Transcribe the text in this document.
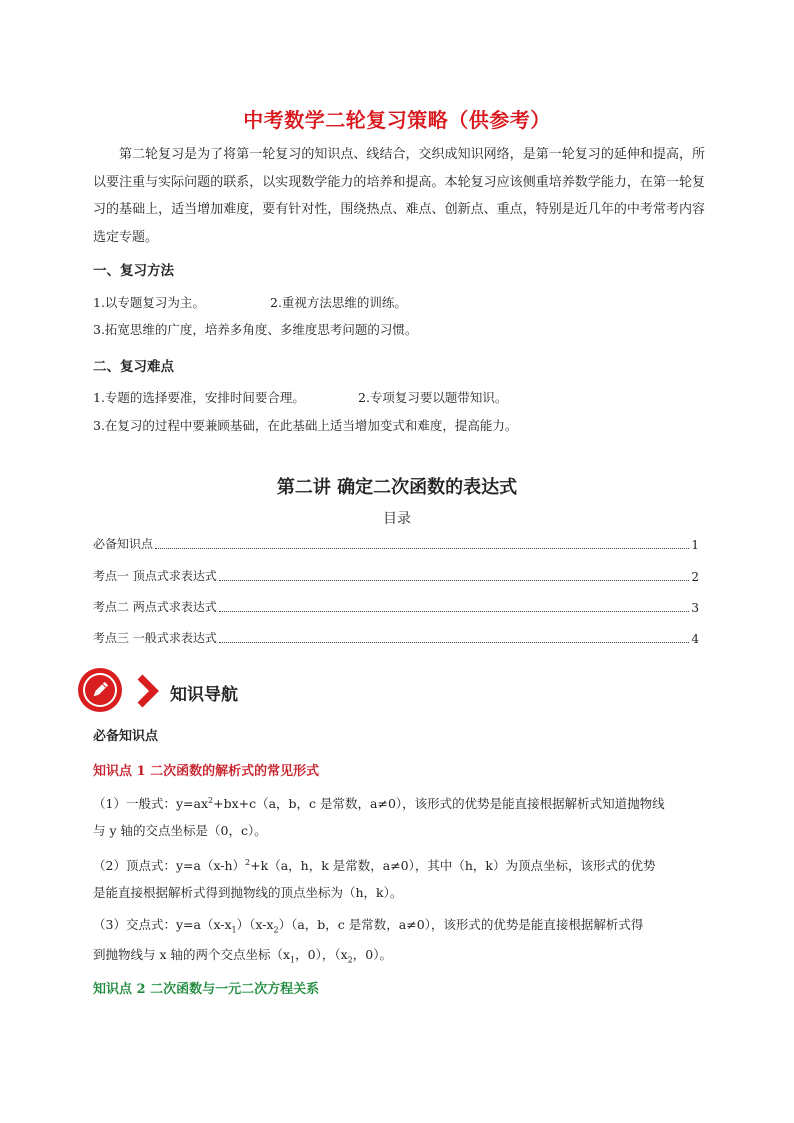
中考数学二轮复习策略（供参考）
第二轮复习是为了将第一轮复习的知识点、线结合，交织成知识网络，是第一轮复习的延伸和提高，所以要注重与实际问题的联系，以实现数学能力的培养和提高。本轮复习应该侧重培养数学能力，在第一轮复习的基础上，适当增加难度，要有针对性，围绕热点、难点、创新点、重点，特别是近几年的中考常考内容选定专题。
一、复习方法
1.以专题复习为主。	2.重视方法思维的训练。
3.拓宽思维的广度，培养多角度、多维度思考问题的习惯。
二、复习难点
1.专题的选择要准，安排时间要合理。	2.专项复习要以题带知识。
3.在复习的过程中要兼顾基础，在此基础上适当增加变式和难度，提高能力。
第二讲 确定二次函数的表达式
目录
必备知识点	1
考点一 顶点式求表达式	2
考点二 两点式求表达式	3
考点三 一般式求表达式	4
知识导航
必备知识点
知识点 1 二次函数的解析式的常见形式
（1）一般式：$y=ax^2+bx+c(a$，b，c 是常数，a≠0），该形式的优势是能直接根据解析式知道抛物线
与 y 轴的交点坐标是（0，c）。
（2）顶点式：$y=a(x-h)^2+k(a$，h，k 是常数，a≠0），其中（h，k）为顶点坐标，该形式的优势
是能直接根据解析式得到抛物线的顶点坐标为（h，k）。
（3）交点式：$y=a(x-x_1)(x-x_2)(a$，b，c 是常数，a≠0），该形式的优势是能直接根据解析式得
到抛物线与 x 轴的两个交点坐标（$x_1$，0），（$x_2$，0）。
知识点 2 二次函数与一元二次方程关系
